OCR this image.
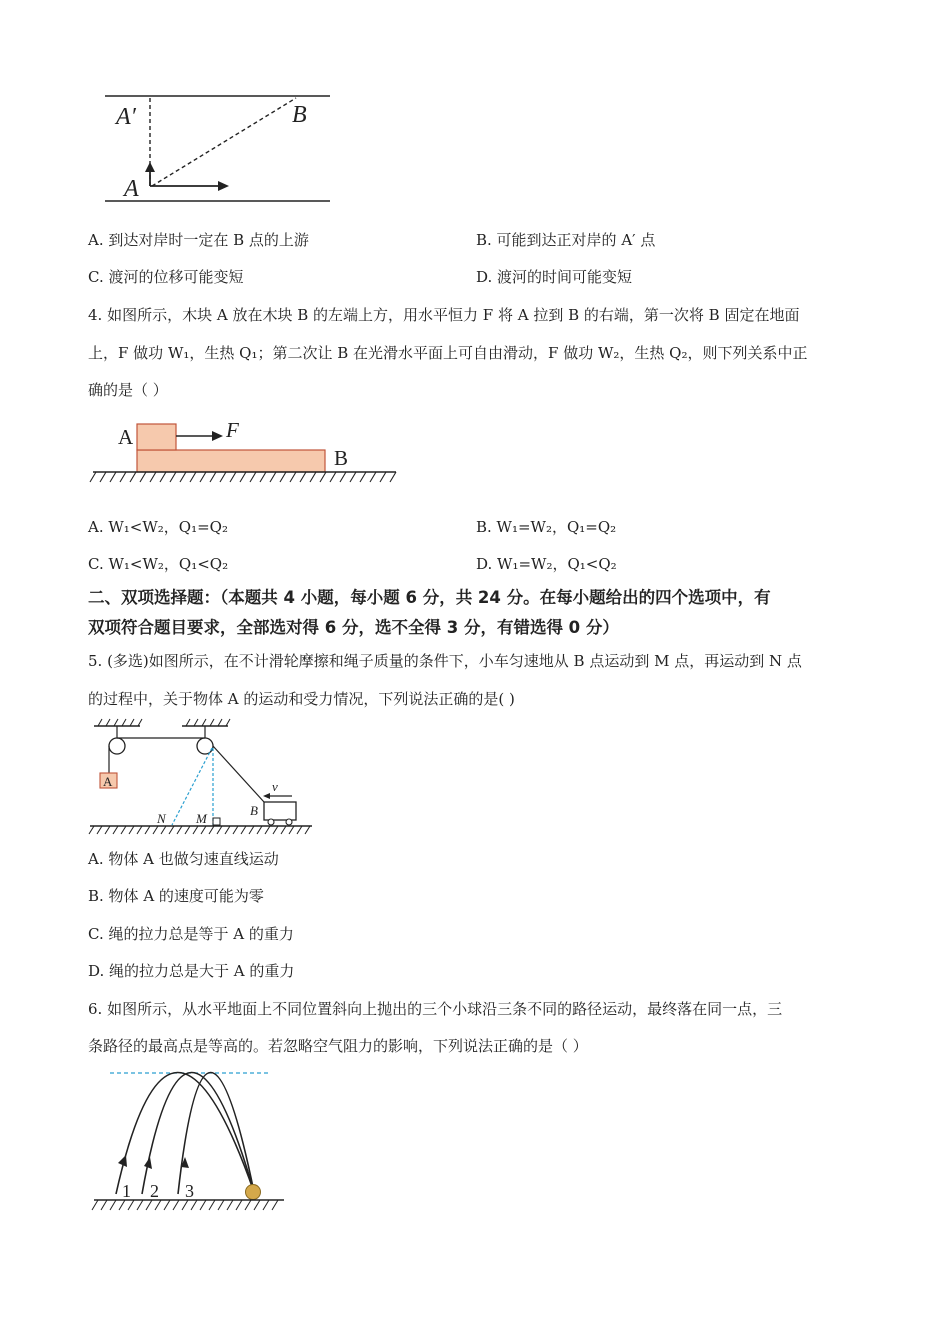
A′	B
A
A. 到达对岸时一定在 B 点的上游	B. 可能到达正对岸的 A′ 点
C. 渡河的位移可能变短	D. 渡河的时间可能变短
4. 如图所示，木块 A 放在木块 B 的左端上方，用水平恒力 F 将 A 拉到 B 的右端，第一次将 B 固定在地面
上，F 做功 W₁，生热 Q₁；第二次让 B 在光滑水平面上可自由滑动，F 做功 W₂，生热 Q₂，则下列关系中正
确的是（ ）
A	F
B
A. W₁<W₂，Q₁=Q₂	B. W₁=W₂，Q₁=Q₂
C. W₁<W₂，Q₁<Q₂	D. W₁=W₂，Q₁<Q₂
二、双项选择题：（本题共 4 小题，每小题 6 分，共 24 分。在每小题给出的四个选项中，有
双项符合题目要求，全部选对得 6 分，选不全得 3 分，有错选得 0 分）
5. (多选)如图所示，在不计滑轮摩擦和绳子质量的条件下，小车匀速地从 B 点运动到 M 点，再运动到 N 点
的过程中，关于物体 A 的运动和受力情况，下列说法正确的是( )
A	v
B
N M
A. 物体 A 也做匀速直线运动
B. 物体 A 的速度可能为零
C. 绳的拉力总是等于 A 的重力
D. 绳的拉力总是大于 A 的重力
6. 如图所示，从水平地面上不同位置斜向上抛出的三个小球沿三条不同的路径运动，最终落在同一点，三
条路径的最高点是等高的。若忽略空气阻力的影响，下列说法正确的是（ ）
1 2 3
